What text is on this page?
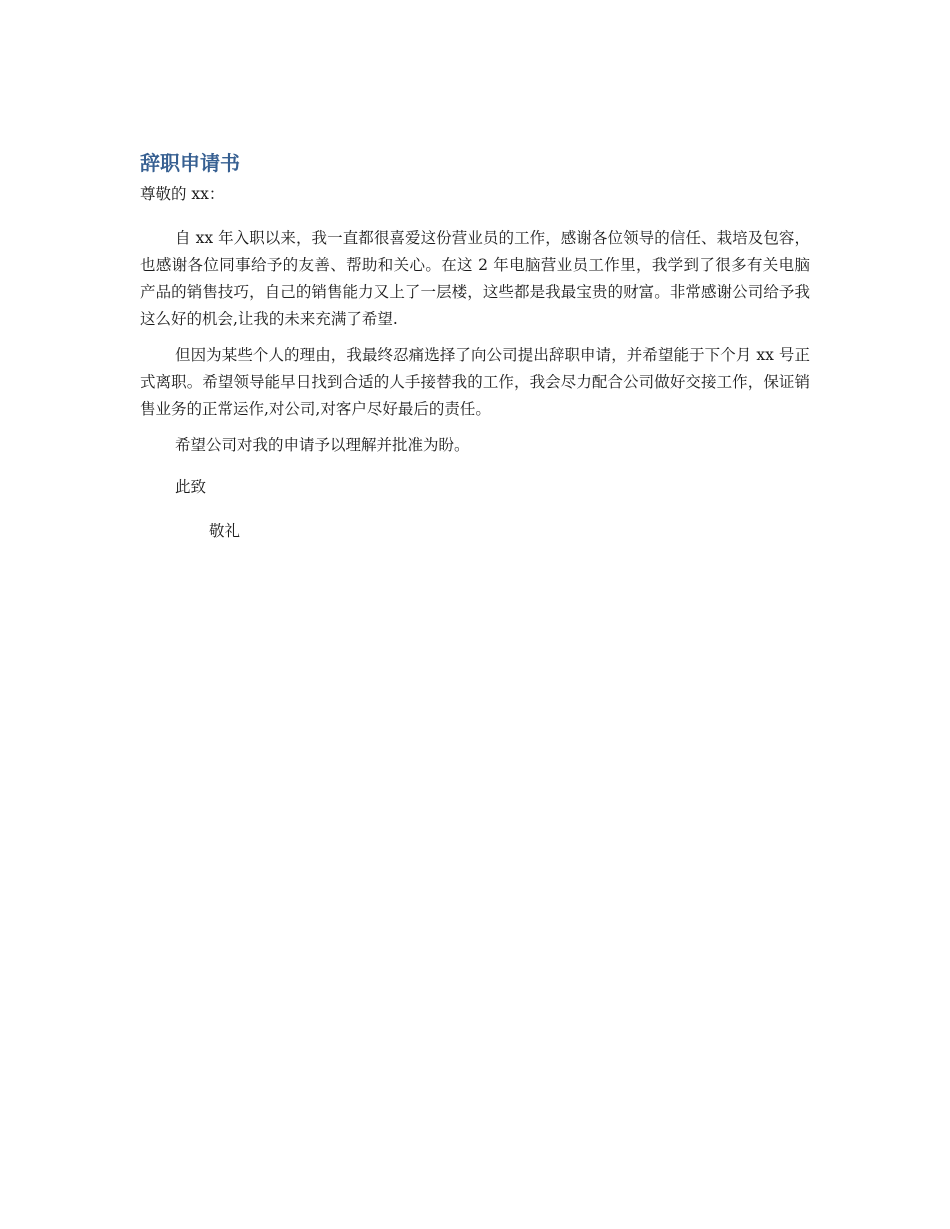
辞职申请书

尊敬的 xx：

自 xx 年入职以来，我一直都很喜爱这份营业员的工作，感谢各位领导的信任、栽培及包容，也感谢各位同事给予的友善、帮助和关心。在这 2 年电脑营业员工作里，我学到了很多有关电脑产品的销售技巧，自己的销售能力又上了一层楼，这些都是我最宝贵的财富。非常感谢公司给予我这么好的机会,让我的未来充满了希望.

但因为某些个人的理由，我最终忍痛选择了向公司提出辞职申请，并希望能于下个月 xx 号正式离职。希望领导能早日找到合适的人手接替我的工作，我会尽力配合公司做好交接工作，保证销售业务的正常运作,对公司,对客户尽好最后的责任。

希望公司对我的申请予以理解并批准为盼。

此致

敬礼
